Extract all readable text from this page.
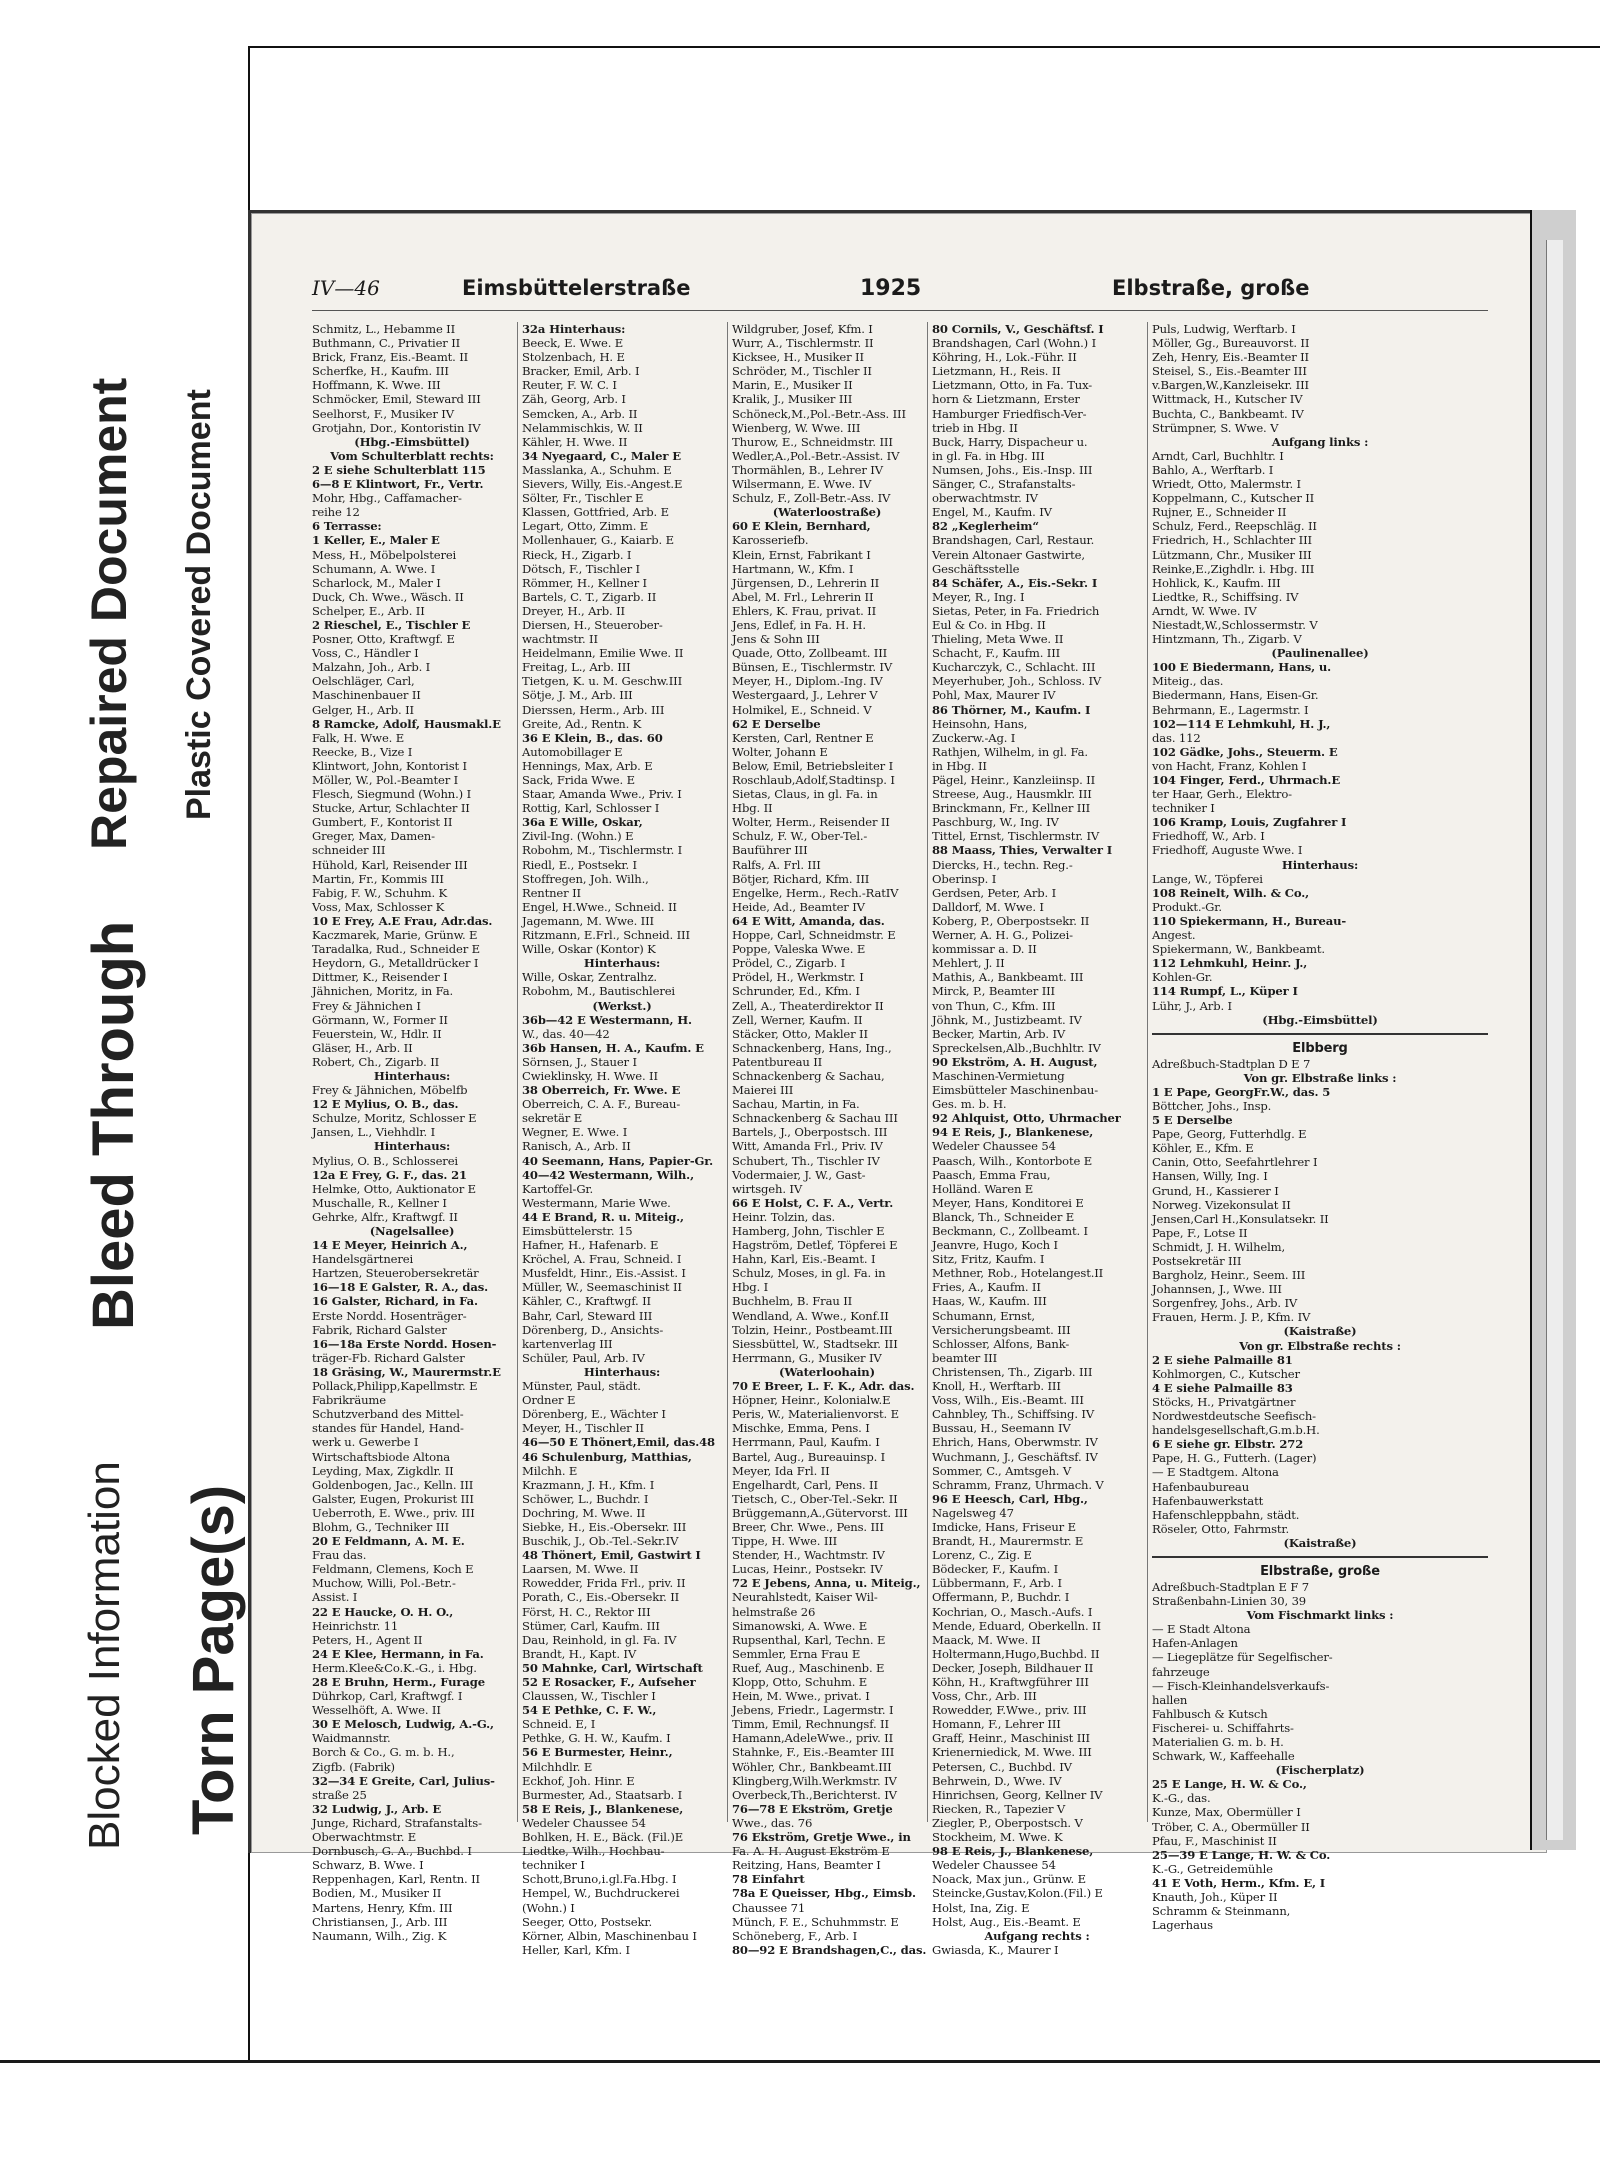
Blocked Information
Bleed Through
Repaired Document
Torn Page(s)
Plastic Covered Document
IV—46	Eimsbüttelerstraße	1925	Elbstraße, große
Schmitz, L., Hebamme II
Buthmann, C., Privatier II
Brick, Franz, Eis.-Beamt. II
Scherfke, H., Kaufm. III
Hoffmann, K. Wwe. III
Schmöcker, Emil, Steward III
Seelhorst, F., Musiker IV
Grotjahn, Dor., Kontoristin IV
(Hbg.-Eimsbüttel)
Vom Schulterblatt rechts:
2 E siehe Schulterblatt 115
6—8 E Klintwort, Fr., Vertr.
Mohr, Hbg., Caffamacher-
reihe 12
6 Terrasse:
1 Keller, E., Maler E
Mess, H., Möbelpolsterei
Schumann, A. Wwe. I
Scharlock, M., Maler I
Duck, Ch. Wwe., Wäsch. II
Schelper, E., Arb. II
2 Rieschel, E., Tischler E
Posner, Otto, Kraftwgf. E
Voss, C., Händler I
Malzahn, Joh., Arb. I
Oelschläger, Carl,
Maschinenbauer II
Gelger, H., Arb. II
8 Ramcke, Adolf, Hausmakl.E
Falk, H. Wwe. E
Reecke, B., Vize I
Klintwort, John, Kontorist I
Möller, W., Pol.-Beamter I
Flesch, Siegmund (Wohn.) I
Stucke, Artur, Schlachter II
Gumbert, F., Kontorist II
Greger, Max, Damen-
schneider III
Hühold, Karl, Reisender III
Martin, Fr., Kommis III
Fabig, F. W., Schuhm. K
Voss, Max, Schlosser K
10 E Frey, A.E Frau, Adr.das.
Kaczmarek, Marie, Grünw. E
Taradalka, Rud., Schneider E
Heydorn, G., Metalldrücker I
Dittmer, K., Reisender I
Jähnichen, Moritz, in Fa.
Frey & Jähnichen I
Görmann, W., Former II
Feuerstein, W., Hdlr. II
Gläser, H., Arb. II
Robert, Ch., Zigarb. II
Hinterhaus:
Frey & Jähnichen, Möbelfb
12 E Mylius, O. B., das.
Schulze, Moritz, Schlosser E
Jansen, L., Viehhdlr. I
Hinterhaus:
Mylius, O. B., Schlosserei
12a E Frey, G. F., das. 21
Helmke, Otto, Auktionator E
Muschalle, R., Kellner I
Gehrke, Alfr., Kraftwgf. II
(Nagelsallee)
14 E Meyer, Heinrich A.,
Handelsgärtnerei
Hartzen, Steuerobersekretär
16—18 E Galster, R. A., das.
16 Galster, Richard, in Fa.
Erste Nordd. Hosenträger-
Fabrik, Richard Galster
16—18a Erste Nordd. Hosen-
träger-Fb. Richard Galster
18 Gräsing, W., Maurermstr.E
Pollack,Philipp,Kapellmstr. E
Fabrikräume
Schutzverband des Mittel-
standes für Handel, Hand-
werk u. Gewerbe I
Wirtschaftsbiode Altona
Leyding, Max, Zigkdlr. II
Goldenbogen, Jac., Kelln. III
Galster, Eugen, Prokurist III
Ueberroth, E. Wwe., priv. III
Blohm, G., Techniker III
20 E Feldmann, A. M. E.
Frau das.
Feldmann, Clemens, Koch E
Muchow, Willi, Pol.-Betr.-
Assist. I
22 E Haucke, O. H. O.,
Heinrichstr. 11
Peters, H., Agent II
24 E Klee, Hermann, in Fa.
Herm.Klee&Co.K.-G., i. Hbg.
28 E Bruhn, Herm., Furage
Dührkop, Carl, Kraftwgf. I
Wesselhöft, A. Wwe. II
30 E Melosch, Ludwig, A.-G.,
Waidmannstr.
Borch & Co., G. m. b. H.,
Zigfb. (Fabrik)
32—34 E Greite, Carl, Julius-
straße 25
32 Ludwig, J., Arb. E
Junge, Richard, Strafanstalts-
Oberwachtmstr. E
Dornbusch, G. A., Buchbd. I
Schwarz, B. Wwe. I
Reppenhagen, Karl, Rentn. II
Bodien, M., Musiker II
Martens, Henry, Kfm. III
Christiansen, J., Arb. III
Naumann, Wilh., Zig. K
32a Hinterhaus:
Beeck, E. Wwe. E
Stolzenbach, H. E
Bracker, Emil, Arb. I
Reuter, F. W. C. I
Zäh, Georg, Arb. I
Semcken, A., Arb. II
Nelammischkis, W. II
Kähler, H. Wwe. II
34 Nyegaard, C., Maler E
Masslanka, A., Schuhm. E
Sievers, Willy, Eis.-Angest.E
Sölter, Fr., Tischler E
Klassen, Gottfried, Arb. E
Legart, Otto, Zimm. E
Mollenhauer, G., Kaiarb. E
Rieck, H., Zigarb. I
Dötsch, F., Tischler I
Römmer, H., Kellner I
Bartels, C. T., Zigarb. II
Dreyer, H., Arb. II
Diersen, H., Steuerober-
wachtmstr. II
Heidelmann, Emilie Wwe. II
Freitag, L., Arb. III
Tietgen, K. u. M. Geschw.III
Sötje, J. M., Arb. III
Dierssen, Herm., Arb. III
Greite, Ad., Rentn. K
36 E Klein, B., das. 60
Automobillager E
Hennings, Max, Arb. E
Sack, Frida Wwe. E
Staar, Amanda Wwe., Priv. I
Rottig, Karl, Schlosser I
36a E Wille, Oskar,
Zivil-Ing. (Wohn.) E
Robohm, M., Tischlermstr. I
Riedl, E., Postsekr. I
Stoffregen, Joh. Wilh.,
Rentner II
Engel, H.Wwe., Schneid. II
Jagemann, M. Wwe. III
Ritzmann, E.Frl., Schneid. III
Wille, Oskar (Kontor) K
Hinterhaus:
Wille, Oskar, Zentralhz.
Robohm, M., Bautischlerei
(Werkst.)
36b—42 E Westermann, H.
W., das. 40—42
36b Hansen, H. A., Kaufm. E
Sörnsen, J., Stauer I
Cwieklinsky, H. Wwe. II
38 Oberreich, Fr. Wwe. E
Oberreich, C. A. F., Bureau-
sekretär E
Wegner, E. Wwe. I
Ranisch, A., Arb. II
40 Seemann, Hans, Papier-Gr.
40—42 Westermann, Wilh.,
Kartoffel-Gr.
Westermann, Marie Wwe.
44 E Brand, R. u. Miteig.,
Eimsbüttelerstr. 15
Hafner, H., Hafenarb. E
Kröchel, A. Frau, Schneid. I
Musfeldt, Hinr., Eis.-Assist. I
Müller, W., Seemaschinist II
Kähler, C., Kraftwgf. II
Bahr, Carl, Steward III
Dörenberg, D., Ansichts-
kartenverlag III
Schüler, Paul, Arb. IV
Hinterhaus:
Münster, Paul, städt.
Ordner E
Dörenberg, E., Wächter I
Meyer, H., Tischler II
46—50 E Thönert,Emil, das.48
46 Schulenburg, Matthias,
Milchh. E
Krazmann, J. H., Kfm. I
Schöwer, L., Buchdr. I
Dochring, M. Wwe. II
Siebke, H., Eis.-Obersekr. III
Buschik, J., Ob.-Tel.-Sekr.IV
48 Thönert, Emil, Gastwirt I
Laarsen, M. Wwe. II
Rowedder, Frida Frl., priv. II
Porath, C., Eis.-Obersekr. II
Först, H. C., Rektor III
Stümer, Carl, Kaufm. III
Dau, Reinhold, in gl. Fa. IV
Brandt, H., Kapt. IV
50 Mahnke, Carl, Wirtschaft
52 E Rosacker, F., Aufseher
Claussen, W., Tischler I
54 E Pethke, C. F. W.,
Schneid. E, I
Pethke, G. H. W., Kaufm. I
56 E Burmester, Heinr.,
Milchhdlr. E
Eckhof, Joh. Hinr. E
Burmester, Ad., Staatsarb. I
58 E Reis, J., Blankenese,
Wedeler Chaussee 54
Bohlken, H. E., Bäck. (Fil.)E
Liedtke, Wilh., Hochbau-
techniker I
Schott,Bruno,i.gl.Fa.Hbg. I
Hempel, W., Buchdruckerei
(Wohn.) I
Seeger, Otto, Postsekr.
Körner, Albin, Maschinenbau I
Heller, Karl, Kfm. I
Wildgruber, Josef, Kfm. I
Wurr, A., Tischlermstr. II
Kicksee, H., Musiker II
Schröder, M., Tischler II
Marin, E., Musiker II
Kralik, J., Musiker III
Schöneck,M.,Pol.-Betr.-Ass. III
Wienberg, W. Wwe. III
Thurow, E., Schneidmstr. III
Wedler,A.,Pol.-Betr.-Assist. IV
Thormählen, B., Lehrer IV
Wilsermann, E. Wwe. IV
Schulz, F., Zoll-Betr.-Ass. IV
(Waterloostraße)
60 E Klein, Bernhard,
Karosseriefb.
Klein, Ernst, Fabrikant I
Hartmann, W., Kfm. I
Jürgensen, D., Lehrerin II
Abel, M. Frl., Lehrerin II
Ehlers, K. Frau, privat. II
Jens, Edlef, in Fa. H. H.
Jens & Sohn III
Quade, Otto, Zollbeamt. III
Bünsen, E., Tischlermstr. IV
Meyer, H., Diplom.-Ing. IV
Westergaard, J., Lehrer V
Holmikel, E., Schneid. V
62 E Derselbe
Kersten, Carl, Rentner E
Wolter, Johann E
Below, Emil, Betriebsleiter I
Roschlaub,Adolf,Stadtinsp. I
Sietas, Claus, in gl. Fa. in
Hbg. II
Wolter, Herm., Reisender II
Schulz, F. W., Ober-Tel.-
Bauführer III
Ralfs, A. Frl. III
Bötjer, Richard, Kfm. III
Engelke, Herm., Rech.-RatIV
Heide, Ad., Beamter IV
64 E Witt, Amanda, das.
Hoppe, Carl, Schneidmstr. E
Poppe, Valeska Wwe. E
Prödel, C., Zigarb. I
Prödel, H., Werkmstr. I
Schrunder, Ed., Kfm. I
Zell, A., Theaterdirektor II
Zell, Werner, Kaufm. II
Stäcker, Otto, Makler II
Schnackenberg, Hans, Ing.,
Patentbureau II
Schnackenberg & Sachau,
Maierei III
Sachau, Martin, in Fa.
Schnackenberg & Sachau III
Bartels, J., Oberpostsch. III
Witt, Amanda Frl., Priv. IV
Schubert, Th., Tischler IV
Vodermaier, J. W., Gast-
wirtsgeh. IV
66 E Holst, C. F. A., Vertr.
Heinr. Tolzin, das.
Hamberg, John, Tischler E
Hagström, Detlef, Töpferei E
Hahn, Karl, Eis.-Beamt. I
Schulz, Moses, in gl. Fa. in
Hbg. I
Buchhelm, B. Frau II
Wendland, A. Wwe., Konf.II
Tolzin, Heinr., Postbeamt.III
Siessbüttel, W., Stadtsekr. III
Herrmann, G., Musiker IV
(Waterloohain)
70 E Breer, L. F. K., Adr. das.
Höpner, Heinr., Kolonialw.E
Peris, W., Materialienvorst. E
Mischke, Emma, Pens. I
Herrmann, Paul, Kaufm. I
Bartel, Aug., Bureauinsp. I
Meyer, Ida Frl. II
Engelhardt, Carl, Pens. II
Tietsch, C., Ober-Tel.-Sekr. II
Brüggemann,A.,Gütervorst. III
Breer, Chr. Wwe., Pens. III
Tippe, H. Wwe. III
Stender, H., Wachtmstr. IV
Lucas, Heinr., Postsekr. IV
72 E Jebens, Anna, u. Miteig.,
Neurahlstedt, Kaiser Wil-
helmstraße 26
Simanowski, A. Wwe. E
Rupsenthal, Karl, Techn. E
Semmler, Erna Frau E
Ruef, Aug., Maschinenb. E
Klopp, Otto, Schuhm. E
Hein, M. Wwe., privat. I
Jebens, Friedr., Lagermstr. I
Timm, Emil, Rechnungsf. II
Hamann,AdeleWwe., priv. II
Stahnke, F., Eis.-Beamter III
Wöhler, Chr., Bankbeamt.III
Klingberg,Wilh.Werkmstr. IV
Overbeck,Th.,Berichterst. IV
76—78 E Ekström, Gretje
Wwe., das. 76
76 Ekström, Gretje Wwe., in
Fa. A. H. August Ekström E
Reitzing, Hans, Beamter I
78 Einfahrt
78a E Queisser, Hbg., Eimsb.
Chaussee 71
Münch, F. E., Schuhmmstr. E
Schöneberg, F., Arb. I
80—92 E Brandshagen,C., das.
80 Cornils, V., Geschäftsf. I
Brandshagen, Carl (Wohn.) I
Köhring, H., Lok.-Führ. II
Lietzmann, H., Reis. II
Lietzmann, Otto, in Fa. Tux-
horn & Lietzmann, Erster
Hamburger Friedfisch-Ver-
trieb in Hbg. II
Buck, Harry, Dispacheur u.
in gl. Fa. in Hbg. III
Numsen, Johs., Eis.-Insp. III
Sänger, C., Strafanstalts-
oberwachtmstr. IV
Engel, M., Kaufm. IV
82 „Keglerheim“
Brandshagen, Carl, Restaur.
Verein Altonaer Gastwirte,
Geschäftsstelle
84 Schäfer, A., Eis.-Sekr. I
Meyer, R., Ing. I
Sietas, Peter, in Fa. Friedrich
Eul & Co. in Hbg. II
Thieling, Meta Wwe. II
Schacht, F., Kaufm. III
Kucharczyk, C., Schlacht. III
Meyerhuber, Joh., Schloss. IV
Pohl, Max, Maurer IV
86 Thörner, M., Kaufm. I
Heinsohn, Hans,
Zuckerw.-Ag. I
Rathjen, Wilhelm, in gl. Fa.
in Hbg. II
Pägel, Heinr., Kanzleiinsp. II
Streese, Aug., Hausmklr. III
Brinckmann, Fr., Kellner III
Paschburg, W., Ing. IV
Tittel, Ernst, Tischlermstr. IV
88 Maass, Thies, Verwalter I
Diercks, H., techn. Reg.-
Oberinsp. I
Gerdsen, Peter, Arb. I
Dalldorf, M. Wwe. I
Koberg, P., Oberpostsekr. II
Werner, A. H. G., Polizei-
kommissar a. D. II
Mehlert, J. II
Mathis, A., Bankbeamt. III
Mirck, P., Beamter III
von Thun, C., Kfm. III
Jöhnk, M., Justizbeamt. IV
Becker, Martin, Arb. IV
Spreckelsen,Alb.,Buchhltr. IV
90 Ekström, A. H. August,
Maschinen-Vermietung
Eimsbütteler Maschinenbau-
Ges. m. b. H.
92 Ahlquist, Otto, Uhrmacher
94 E Reis, J., Blankenese,
Wedeler Chaussee 54
Paasch, Wilh., Kontorbote E
Paasch, Emma Frau,
Holländ. Waren E
Meyer, Hans, Konditorei E
Blanck, Th., Schneider E
Beckmann, C., Zollbeamt. I
Jeanvre, Hugo, Koch I
Sitz, Fritz, Kaufm. I
Methner, Rob., Hotelangest.II
Fries, A., Kaufm. II
Haas, W., Kaufm. III
Schumann, Ernst,
Versicherungsbeamt. III
Schlosser, Alfons, Bank-
beamter III
Christensen, Th., Zigarb. III
Knoll, H., Werftarb. III
Voss, Wilh., Eis.-Beamt. III
Cahnbley, Th., Schiffsing. IV
Bussau, H., Seemann IV
Ehrich, Hans, Oberwmstr. IV
Wuchmann, J., Geschäftsf. IV
Sommer, C., Amtsgeh. V
Schramm, Franz, Uhrmach. V
96 E Heesch, Carl, Hbg.,
Nagelsweg 47
Imdicke, Hans, Friseur E
Brandt, H., Maurermstr. E
Lorenz, C., Zig. E
Bödecker, F., Kaufm. I
Lübbermann, F., Arb. I
Offermann, P., Buchdr. I
Kochrian, O., Masch.-Aufs. I
Mende, Eduard, Oberkelln. II
Maack, M. Wwe. II
Holtermann,Hugo,Buchbd. II
Decker, Joseph, Bildhauer II
Köhn, H., Kraftwgführer III
Voss, Chr., Arb. III
Rowedder, F.Wwe., priv. III
Homann, F., Lehrer III
Graff, Heinr., Maschinist III
Krienerniedick, M. Wwe. III
Petersen, C., Buchbd. IV
Behrwein, D., Wwe. IV
Hinrichsen, Georg, Kellner IV
Riecken, R., Tapezier V
Ziegler, P., Oberpostsch. V
Stockheim, M. Wwe. K
98 E Reis, J., Blankenese,
Wedeler Chaussee 54
Noack, Max jun., Grünw. E
Steincke,Gustav,Kolon.(Fil.) E
Holst, Ina, Zig. E
Holst, Aug., Eis.-Beamt. E
Aufgang rechts :
Gwiasda, K., Maurer I
Puls, Ludwig, Werftarb. I
Möller, Gg., Bureauvorst. II
Zeh, Henry, Eis.-Beamter II
Steisel, S., Eis.-Beamter III
v.Bargen,W.,Kanzleisekr. III
Wittmack, H., Kutscher IV
Buchta, C., Bankbeamt. IV
Strümpner, S. Wwe. V
Aufgang links :
Arndt, Carl, Buchhltr. I
Bahlo, A., Werftarb. I
Wriedt, Otto, Malermstr. I
Koppelmann, C., Kutscher II
Rujner, E., Schneider II
Schulz, Ferd., Reepschläg. II
Friedrich, H., Schlachter III
Lützmann, Chr., Musiker III
Reinke,E.,Zighdlr. i. Hbg. III
Hohlick, K., Kaufm. III
Liedtke, R., Schiffsing. IV
Arndt, W. Wwe. IV
Niestadt,W.,Schlossermstr. V
Hintzmann, Th., Zigarb. V
(Paulinenallee)
100 E Biedermann, Hans, u.
Miteig., das.
Biedermann, Hans, Eisen-Gr.
Behrmann, E., Lagermstr. I
102—114 E Lehmkuhl, H. J.,
das. 112
102 Gädke, Johs., Steuerm. E
von Hacht, Franz, Kohlen I
104 Finger, Ferd., Uhrmach.E
ter Haar, Gerh., Elektro-
techniker I
106 Kramp, Louis, Zugfahrer I
Friedhoff, W., Arb. I
Friedhoff, Auguste Wwe. I
Hinterhaus:
Lange, W., Töpferei
108 Reinelt, Wilh. & Co.,
Produkt.-Gr.
110 Spiekermann, H., Bureau-
Angest.
Spiekermann, W., Bankbeamt.
112 Lehmkuhl, Heinr. J.,
Kohlen-Gr.
114 Rumpf, L., Küper I
Lühr, J., Arb. I
(Hbg.-Eimsbüttel)
Elbberg
Adreßbuch-Stadtplan D E 7
Von gr. Elbstraße links :
1 E Pape, GeorgFr.W., das. 5
Böttcher, Johs., Insp.
5 E Derselbe
Pape, Georg, Futterhdlg. E
Köhler, E., Kfm. E
Canin, Otto, Seefahrtlehrer I
Hansen, Willy, Ing. I
Grund, H., Kassierer I
Norweg. Vizekonsulat II
Jensen,Carl H.,Konsulatsekr. II
Pape, F., Lotse II
Schmidt, J. H. Wilhelm,
Postsekretär III
Bargholz, Heinr., Seem. III
Johannsen, J., Wwe. III
Sorgenfrey, Johs., Arb. IV
Frauen, Herm. J. P., Kfm. IV
(Kaistraße)
Von gr. Elbstraße rechts :
2 E siehe Palmaille 81
Kohlmorgen, C., Kutscher
4 E siehe Palmaille 83
Stöcks, H., Privatgärtner
Nordwestdeutsche Seefisch-
handelsgesellschaft,G.m.b.H.
6 E siehe gr. Elbstr. 272
Pape, H. G., Futterh. (Lager)
— E Stadtgem. Altona
Hafenbaubureau
Hafenbauwerkstatt
Hafenschleppbahn, städt.
Röseler, Otto, Fahrmstr.
(Kaistraße)
Elbstraße, große
Adreßbuch-Stadtplan E F 7
Straßenbahn-Linien 30, 39
Vom Fischmarkt links :
— E Stadt Altona
Hafen-Anlagen
— Liegeplätze für Segelfischer-
fahrzeuge
— Fisch-Kleinhandelsverkaufs-
hallen
Fahlbusch & Kutsch
Fischerei- u. Schiffahrts-
Materialien G. m. b. H.
Schwark, W., Kaffeehalle
(Fischerplatz)
25 E Lange, H. W. & Co.,
K.-G., das.
Kunze, Max, Obermüller I
Tröber, C. A., Obermüller II
Pfau, F., Maschinist II
25—39 E Lange, H. W. & Co.
K.-G., Getreidemühle
41 E Voth, Herm., Kfm. E, I
Knauth, Joh., Küper II
Schramm & Steinmann,
Lagerhaus
